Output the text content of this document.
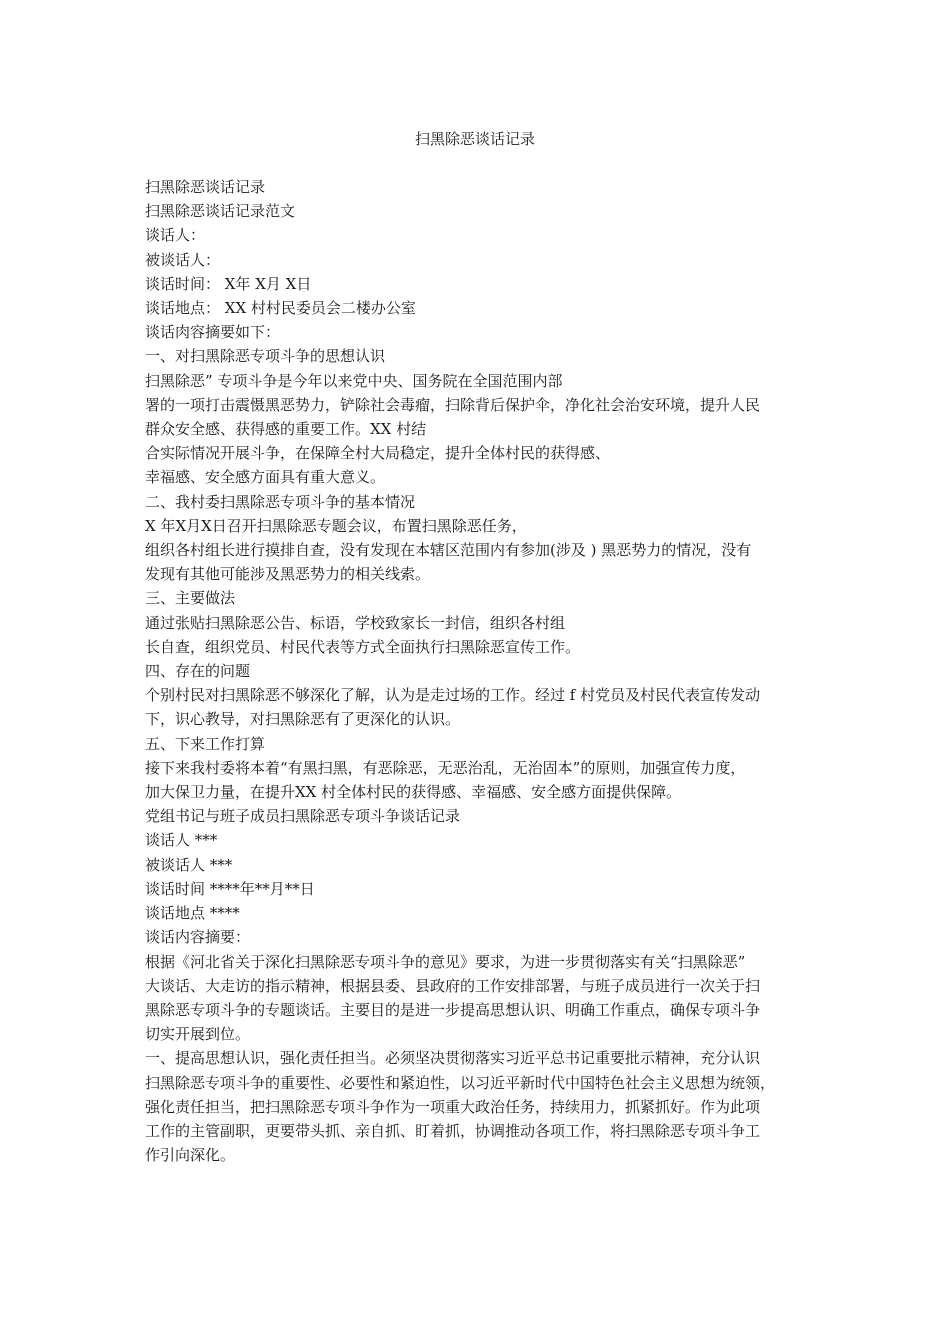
扫黑除恶谈话记录
扫黑除恶谈话记录
扫黑除恶谈话记录范文
谈话人：
被谈话人：
谈话时间： X年 X月 X日
谈话地点： XX 村村民委员会二楼办公室
谈话肉容摘要如下：
一、对扫黑除恶专项斗争的思想认识
扫黑除恶” 专项斗争是今年以来党中央、国务院在全国范围内部
署的一项打击震慑黑恶势力，铲除社会毒瘤，扫除背后保护伞，净化社会治安环境，提升人民
群众安全感、获得感的重要工作。XX 村结
合实际情况开展斗争，在保障全村大局稳定，提升全体村民的获得感、
幸福感、安全感方面具有重大意义。
二、我村委扫黑除恶专项斗争的基本情况
X 年X月X日召开扫黑除恶专题会议，布置扫黑除恶任务，
组织各村组长进行摸排自查，没有发现在本辖区范围内有参加(涉及 ) 黑恶势力的情况，没有
发现有其他可能涉及黑恶势力的相关线索。
三、主要做法
通过张贴扫黑除恶公告、标语，学校致家长一封信，组织各村组
长自查，组织党员、村民代表等方式全面执行扫黑除恶宣传工作。
四、存在的问题
个别村民对扫黑除恶不够深化了解，认为是走过场的工作。经过 f 村党员及村民代表宣传发动
下，识心教导，对扫黑除恶有了更深化的认识。
五、下来工作打算
接下来我村委将本着“有黑扫黑，有恶除恶，无恶治乱，无治固本”的原则，加强宣传力度，
加大保卫力量，在提升XX 村全体村民的获得感、幸福感、安全感方面提供保障。
党组书记与班子成员扫黑除恶专项斗争谈话记录
谈话人 ***
被谈话人 ***
谈话时间 ****年**月**日
谈话地点 ****
谈话内容摘要：
根据《河北省关于深化扫黑除恶专项斗争的意见》要求，为进一步贯彻落实有关“扫黑除恶”
大谈话、大走访的指示精神，根据县委、县政府的工作安排部署，与班子成员进行一次关于扫
黑除恶专项斗争的专题谈话。主要目的是进一步提高思想认识、明确工作重点，确保专项斗争
切实开展到位。
一、提高思想认识，强化责任担当。必须坚决贯彻落实习近平总书记重要批示精神，充分认识
扫黑除恶专项斗争的重要性、必要性和紧迫性，以习近平新时代中国特色社会主义思想为统领，
强化责任担当，把扫黑除恶专项斗争作为一项重大政治任务，持续用力，抓紧抓好。作为此项
工作的主管副职，更要带头抓、亲自抓、盯着抓，协调推动各项工作，将扫黑除恶专项斗争工
作引向深化。
